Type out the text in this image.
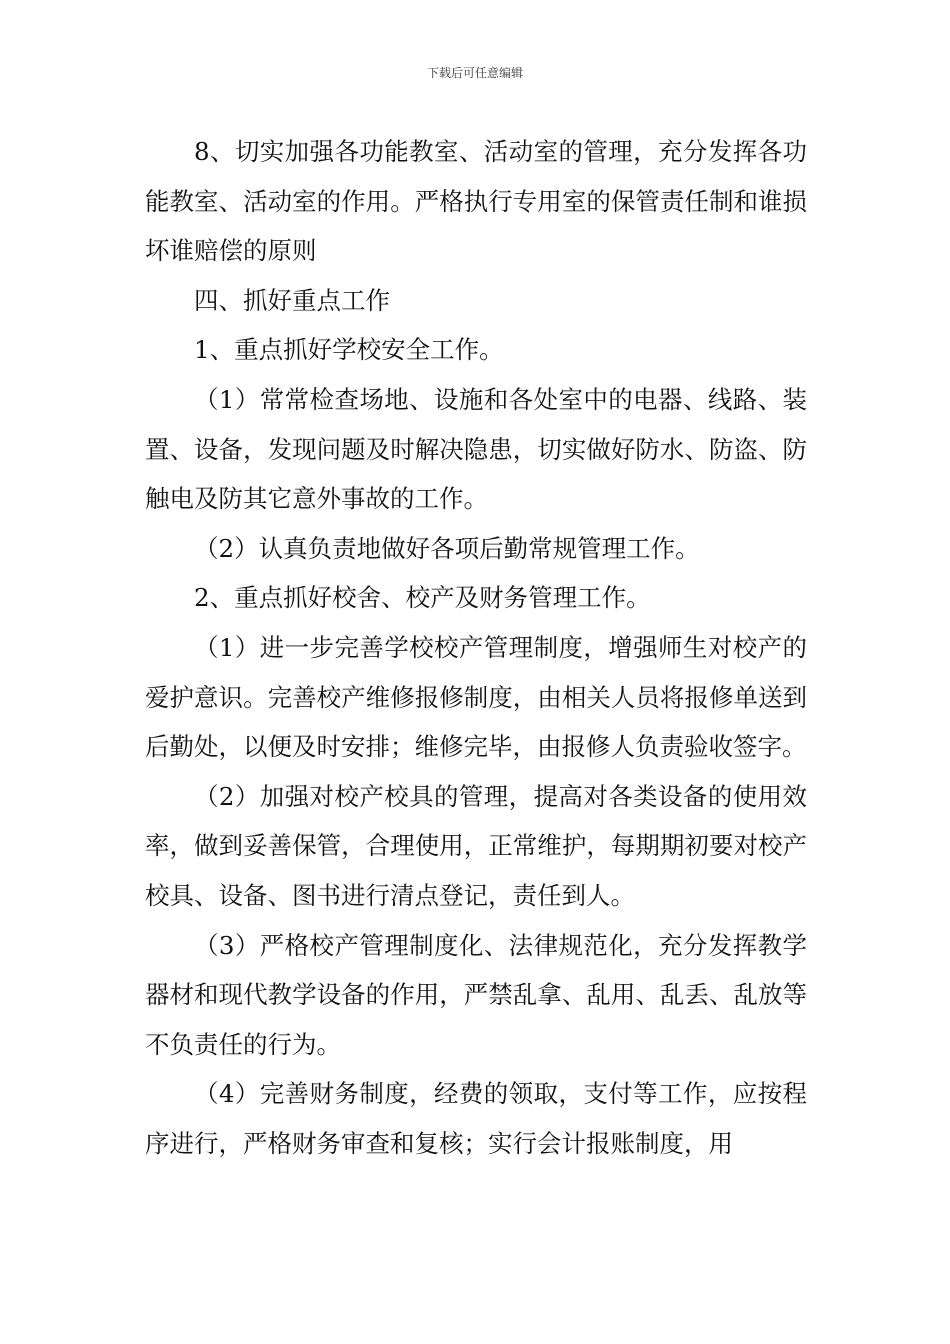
下载后可任意编辑

8、切实加强各功能教室、活动室的管理，充分发挥各功能教室、活动室的作用。严格执行专用室的保管责任制和谁损坏谁赔偿的原则

四、抓好重点工作

1、重点抓好学校安全工作。

（1）常常检查场地、设施和各处室中的电器、线路、装置、设备，发现问题及时解决隐患，切实做好防水、防盗、防触电及防其它意外事故的工作。

（2）认真负责地做好各项后勤常规管理工作。

2、重点抓好校舍、校产及财务管理工作。

（1）进一步完善学校校产管理制度，增强师生对校产的爱护意识。完善校产维修报修制度，由相关人员将报修单送到后勤处，以便及时安排；维修完毕，由报修人负责验收签字。

（2）加强对校产校具的管理，提高对各类设备的使用效率，做到妥善保管，合理使用，正常维护，每期期初要对校产校具、设备、图书进行清点登记，责任到人。

（3）严格校产管理制度化、法律规范化，充分发挥教学器材和现代教学设备的作用，严禁乱拿、乱用、乱丢、乱放等不负责任的行为。

（4）完善财务制度，经费的领取，支付等工作，应按程序进行，严格财务审查和复核；实行会计报账制度，用
